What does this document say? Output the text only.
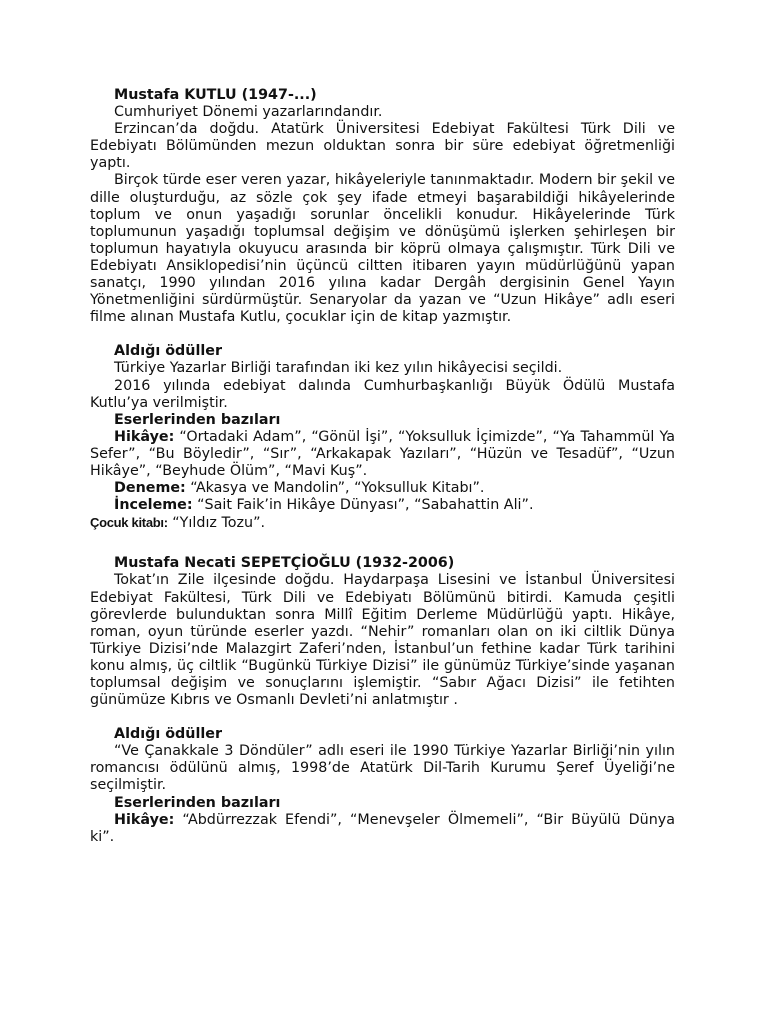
Mustafa KUTLU (1947-...)

Cumhuriyet Dönemi yazarlarındandır.

Erzincan’da doğdu. Atatürk Üniversitesi Edebiyat Fakültesi Türk Dili ve Edebiyatı Bölümünden mezun olduktan sonra bir süre edebiyat öğretmenliği yaptı.

Birçok türde eser veren yazar, hikâyeleriyle tanınmaktadır. Modern bir şekil ve dille oluşturduğu, az sözle çok şey ifade etmeyi başarabildiği hikâyelerinde toplum ve onun yaşadığı sorunlar öncelikli konudur. Hikâyelerinde Türk toplumunun yaşadığı toplumsal değişim ve dönüşümü işlerken şehirleşen bir toplumun hayatıyla okuyucu arasında bir köprü olmaya çalışmıştır. Türk Dili ve Edebiyatı Ansiklopedisi’nin üçüncü ciltten itibaren yayın müdürlüğünü yapan sanatçı, 1990 yılından 2016 yılına kadar Dergâh dergisinin Genel Yayın Yönetmenliğini sürdürmüştür. Senaryolar da yazan ve “Uzun Hikâye” adlı eseri filme alınan Mustafa Kutlu, çocuklar için de kitap yazmıştır.

Aldığı ödüller

Türkiye Yazarlar Birliği tarafından iki kez yılın hikâyecisi seçildi.

2016 yılında edebiyat dalında Cumhurbaşkanlığı Büyük Ödülü Mustafa Kutlu’ya verilmiştir.

Eserlerinden bazıları

Hikâye: “Ortadaki Adam”, “Gönül İşi”, “Yoksulluk İçimizde”, “Ya Tahammül Ya Sefer”, “Bu Böyledir”, “Sır”, “Arkakapak Yazıları”, “Hüzün ve Tesadüf”, “Uzun Hikâye”, “Beyhude Ölüm”, “Mavi Kuş”.

Deneme: “Akasya ve Mandolin”, “Yoksulluk Kitabı”.

İnceleme: “Sait Faik’in Hikâye Dünyası”, “Sabahattin Ali”.

Çocuk kitabı: “Yıldız Tozu”.

Mustafa Necati SEPETÇİOĞLU (1932-2006)

Tokat’ın Zile ilçesinde doğdu. Haydarpaşa Lisesini ve İstanbul Üniversitesi Edebiyat Fakültesi, Türk Dili ve Edebiyatı Bölümünü bitirdi. Kamuda çeşitli görevlerde bulunduktan sonra Millî Eğitim Derleme Müdürlüğü yaptı. Hikâye, roman, oyun türünde eserler yazdı. “Nehir” romanları olan on iki ciltlik Dünya Türkiye Dizisi’nde Malazgirt Zaferi’nden, İstanbul’un fethine kadar Türk tarihini konu almış, üç ciltlik “Bugünkü Türkiye Dizisi” ile günümüz Türkiye’sinde yaşanan toplumsal değişim ve sonuçlarını işlemiştir. “Sabır Ağacı Dizisi” ile fetihten günümüze Kıbrıs ve Osmanlı Devleti’ni anlatmıştır .

Aldığı ödüller

“Ve Çanakkale 3 Döndüler” adlı eseri ile 1990 Türkiye Yazarlar Birliği’nin yılın romancısı ödülünü almış, 1998’de Atatürk Dil-Tarih Kurumu Şeref Üyeliği’ne seçilmiştir.

Eserlerinden bazıları

Hikâye: “Abdürrezzak Efendi”, “Menevşeler Ölmemeli”, “Bir Büyülü Dünya ki”.
